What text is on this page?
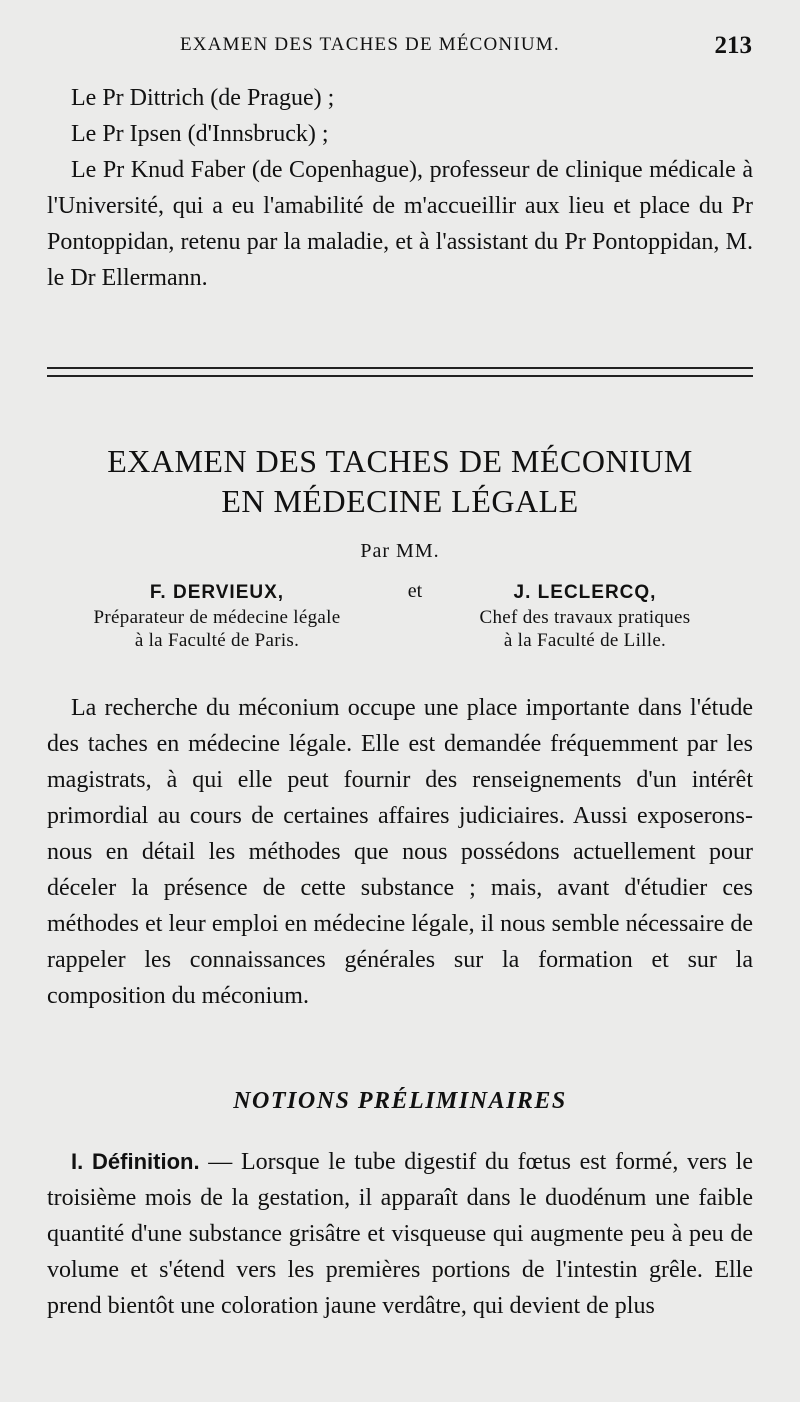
EXAMEN DES TACHES DE MÉCONIUM.	213

Le Pr Dittrich (de Prague) ;

Le Pr Ipsen (d'Innsbruck) ;

Le Pr Knud Faber (de Copenhague), professeur de clinique médicale à l'Université, qui a eu l'amabilité de m'accueillir aux lieu et place du Pr Pontoppidan, retenu par la maladie, et à l'assistant du Pr Pontoppidan, M. le Dr Ellermann.

EXAMEN DES TACHES DE MÉCONIUM
EN MÉDECINE LÉGALE
Par MM.
F. DERVIEUX,
Préparateur de médecine légale
à la Faculté de Paris.
et	J. LECLERCQ,
Chef des travaux pratiques
à la Faculté de Lille.

La recherche du méconium occupe une place importante dans l'étude des taches en médecine légale. Elle est demandée fréquemment par les magistrats, à qui elle peut fournir des renseignements d'un intérêt primordial au cours de certaines affaires judiciaires. Aussi exposerons-nous en détail les méthodes que nous possédons actuellement pour déceler la présence de cette substance ; mais, avant d'étudier ces méthodes et leur emploi en médecine légale, il nous semble nécessaire de rappeler les connaissances générales sur la formation et sur la composition du méconium.

NOTIONS PRÉLIMINAIRES

I. Définition. — Lorsque le tube digestif du fœtus est formé, vers le troisième mois de la gestation, il apparaît dans le duodénum une faible quantité d'une substance grisâtre et visqueuse qui augmente peu à peu de volume et s'étend vers les premières portions de l'intestin grêle. Elle prend bientôt une coloration jaune verdâtre, qui devient de plus
